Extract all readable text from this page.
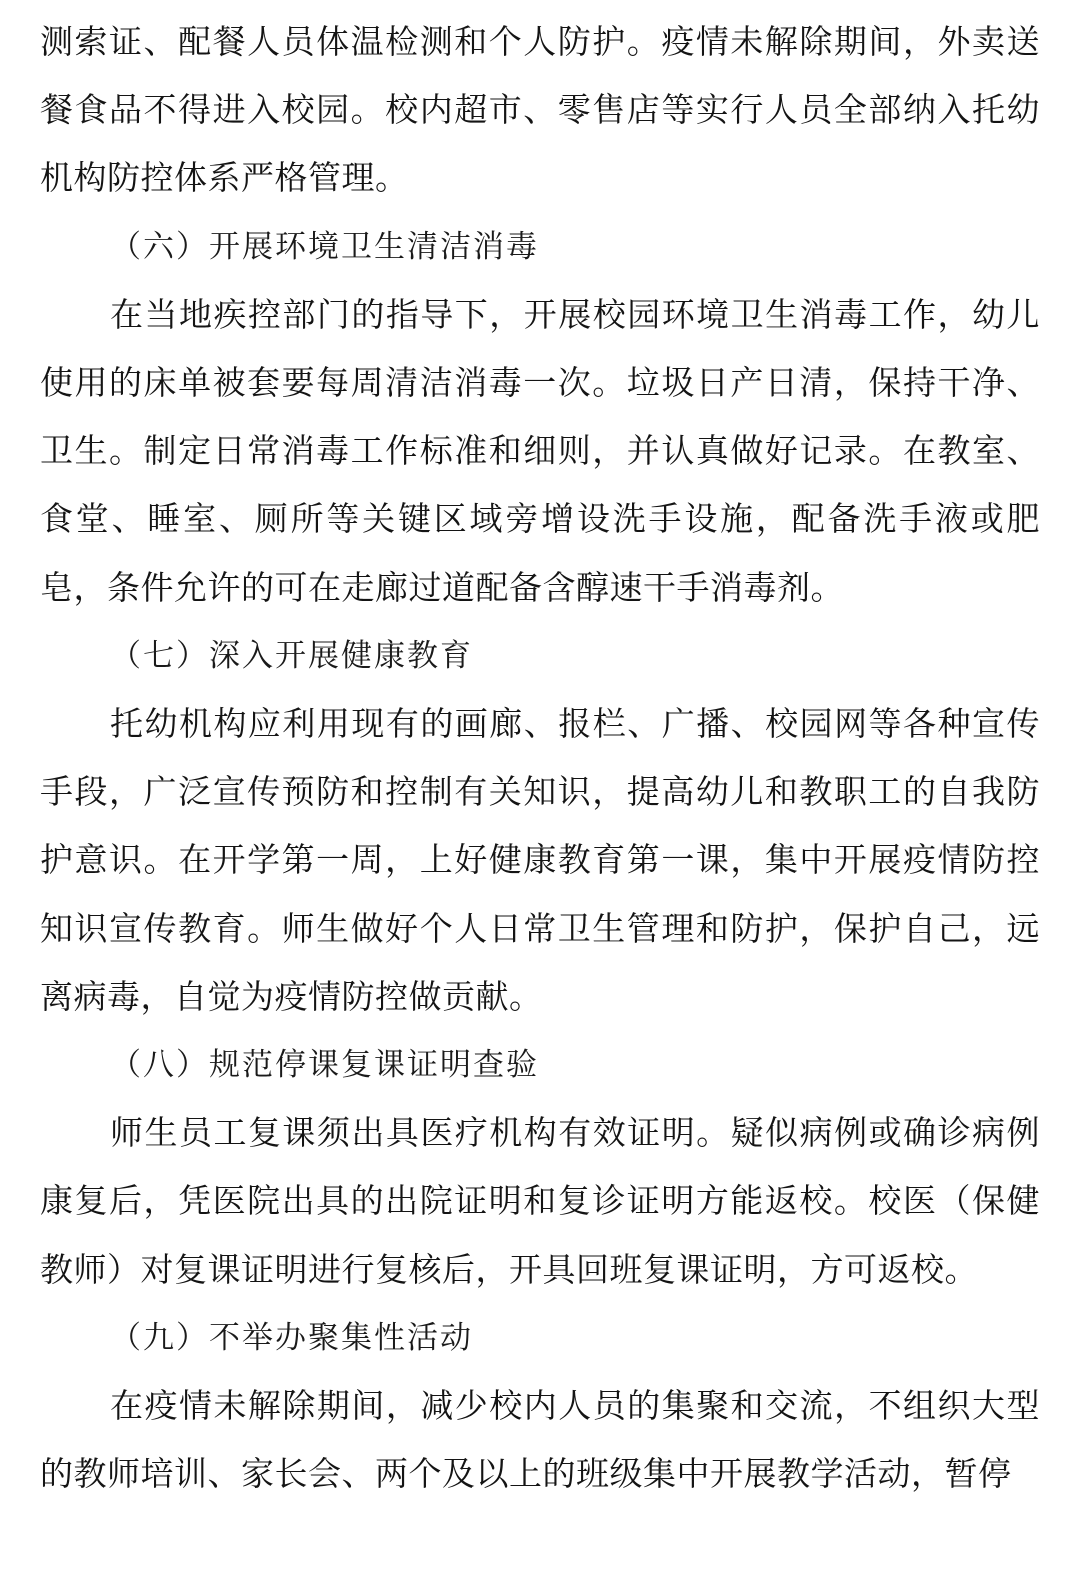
测索证、配餐人员体温检测和个人防护。疫情未解除期间，外卖送餐食品不得进入校园。校内超市、零售店等实行人员全部纳入托幼机构防控体系严格管理。

（六）开展环境卫生清洁消毒

在当地疾控部门的指导下，开展校园环境卫生消毒工作，幼儿使用的床单被套要每周清洁消毒一次。垃圾日产日清，保持干净、卫生。制定日常消毒工作标准和细则，并认真做好记录。在教室、食堂、睡室、厕所等关键区域旁增设洗手设施，配备洗手液或肥皂，条件允许的可在走廊过道配备含醇速干手消毒剂。

（七）深入开展健康教育

托幼机构应利用现有的画廊、报栏、广播、校园网等各种宣传手段，广泛宣传预防和控制有关知识，提高幼儿和教职工的自我防护意识。在开学第一周，上好健康教育第一课，集中开展疫情防控知识宣传教育。师生做好个人日常卫生管理和防护，保护自己，远离病毒，自觉为疫情防控做贡献。

（八）规范停课复课证明查验

师生员工复课须出具医疗机构有效证明。疑似病例或确诊病例康复后，凭医院出具的出院证明和复诊证明方能返校。校医（保健教师）对复课证明进行复核后，开具回班复课证明，方可返校。

（九）不举办聚集性活动

在疫情未解除期间，减少校内人员的集聚和交流，不组织大型的教师培训、家长会、两个及以上的班级集中开展教学活动，暂停
